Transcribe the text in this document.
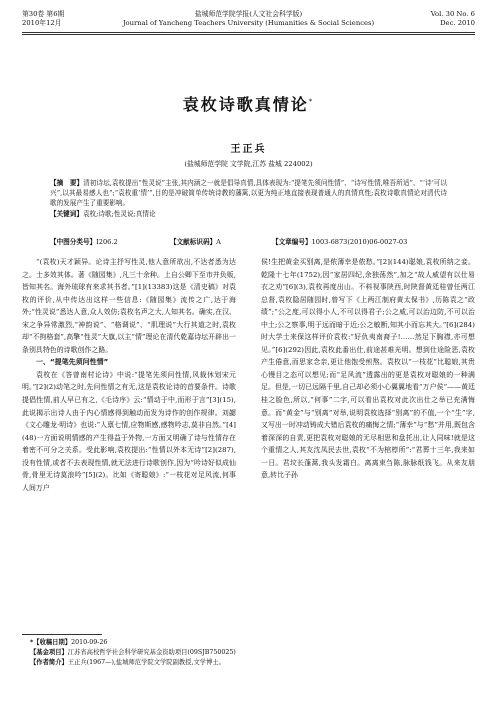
第30卷 第6期
2010年12月
盐城师范学院学报(人文社会科学版)
Journal of Yancheng Teachers University (Humanities & Social Sciences)
Vol. 30 No. 6
Dec. 2010
袁枚诗歌真情论*
王正兵
(盐城师范学院 文学院,江苏 盐城 224002)

【摘　要】清初诗坛,袁枚提出“性灵说”主张,其内涵之一就是倡导真情,具体表现为:“提笔先须问性情”、“诗写性情,唯吾所适”、“‘诗’可以兴”,以其最易感人也”;“袁枚重‘情’”,目的是冲破简单传统诗教的藩篱,以更为纯正地直接表现普通人的真情真性;袁枚诗歌真情论对清代诗歌的发展产生了重要影响。

【关键词】袁枚;诗歌;性灵说;真情论

【中图分类号】I206.2	【文献标识码】A	【文章编号】1003-6873(2010)06-0027-03

“(袁枚)天才颖异。论诗主抒写性灵,他人意所欲出,不达者悉为达之。士多效其体。著《随园集》,凡三十余种。上自公卿下至市井负贩,皆知其名。海外琉球有来求其书者。”[1](13383)这是《清史稿》对袁枚的评价,从中传达出这样一些信息:《随园集》流传之广,达于海外;“性灵说”悉达人意,众人效仿;袁枚名声之大,人知其名。确实,在汉、宋之争异常激烈,“神韵说”、“格调说”、“肌理说”大行其道之时,袁枚却“不拘格套”,高擎“性灵”大旗,以主“情”理论在清代乾嘉诗坛开辟出一条别具特色的诗歌创作之路。

一、“提笔先须问性情”

袁枚在《答曾南村论诗》中说:“提笔先须问性情,风裁休划宋元明。”[2](2)动笔之时,先问性情之有无,这是袁枚论诗的首要条件。诗歌提倡性情,前人早已有之,《毛诗序》云:“情动于中,而形于言”[3](15),此说揭示出诗人由于内心情感得到触动而发为诗作的创作规律。刘勰《文心雕龙·明诗》也说:“人禀七情,应物斯感,感物吟志,莫非自然。”[4](48)一方面说明情感的产生得益于外物,一方面又明确了诗与性情存在着密不可分之关系。受此影响,袁枚提出:“性情以外本无诗”[2](287),没有性情,或者不去表现性情,就无法进行诗歌创作,因为“吟诗好似成仙骨,骨里无诗莫浪吟”[5](2)。比如《寄聪娘》:“一枝花对足风流,何事人间万户

侯!生把黄金买别离,是侬薄幸是侬愁。”[2](144)聪娘,袁枚所纳之妾。乾隆十七年(1752),因“家居四纪,余独荡然”,加之“故人威望有以仕易衣之劝”[6](3),袁枚再度出山。不料视事陕西,时陕督黄廷桂曾任两江总督,袁枚隐居随园时,曾写下《上两江制府黄太保书》,历陈袁之“政绩”;“公之度,可以得小人,不可以得君子;公之威,可以治边防,不可以治中土;公之察事,明于远而暗于近;公之敏断,知其小而忘其大。”[6](284)时大学士来保这样评价袁枚:“好仇夷南裔子!……然足下胸襟,亦可想见。”[6](292)因此,袁枚此番出仕,前途甚难光明。想到仕途险恶,袁枚产生倦意,而思家念亲,更让他饱受煎熬。袁枚以“一枝花”比聪娘,其贵心慢目之态可以想见;而“足风流”透露出的更是袁枚对聪娘的一种满足。但是,一切已远隔千里,自己却必须小心翼翼地看“万户侯”——黄廷桂之脸色,所以,“何事”二字,可以看出袁枚对此次出仕之举已充满悔意。而“黄金”与“别离”对举,说明袁枚选择“别离”的不值,一个“生”字,又写出一时冲动铸成大错后袁枚的痛悔之情;“薄幸”与“愁”并用,既包含着深深的自责,更把袁枚对聪娘的无尽相思和盘托出,让人同味!就是这个重情之人,其友沈凤民去世,袁枚“不为棺椁所”:“君葬十三年,我来如一日。君坟长蓬蒿,我头发霜白。离离束刍陈,脉脉纸钱飞。从来友朋意,转比子孙

*【收稿日期】2010-09-26
【基金项目】江苏省高校哲学社会科学研究基金资助项目(09SJB750025)
【作者简介】王正兵(1967—),盐城师范学院文学院副教授,文学博士。
